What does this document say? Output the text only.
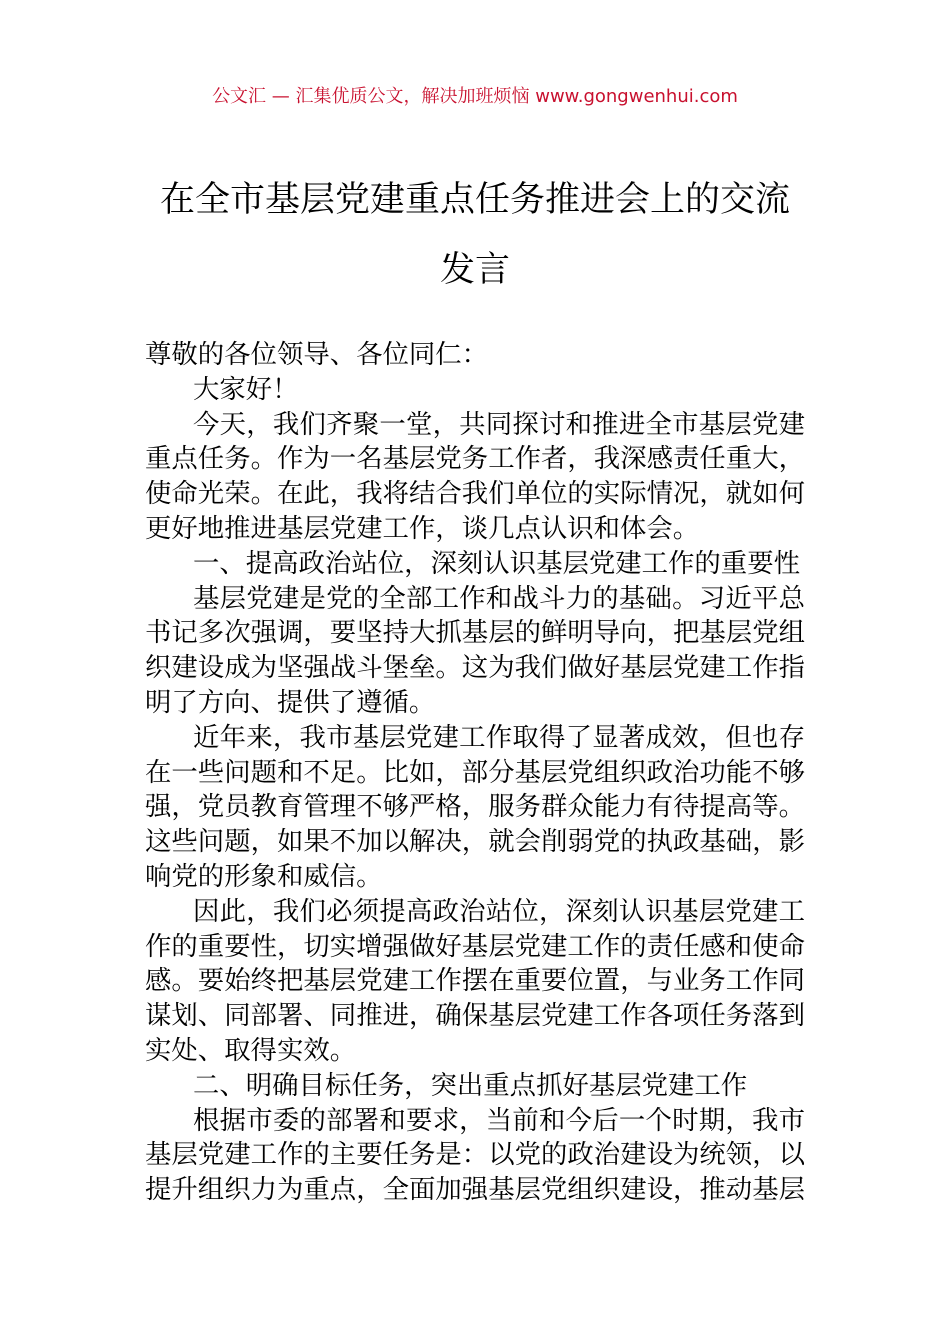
公文汇 — 汇集优质公文，解决加班烦恼 www.gongwenhui.com
在全市基层党建重点任务推进会上的交流
发言
尊敬的各位领导、各位同仁：
大家好！
今天，我们齐聚一堂，共同探讨和推进全市基层党建
重点任务。作为一名基层党务工作者，我深感责任重大，
使命光荣。在此，我将结合我们单位的实际情况，就如何
更好地推进基层党建工作，谈几点认识和体会。
一、提高政治站位，深刻认识基层党建工作的重要性
基层党建是党的全部工作和战斗力的基础。习近平总
书记多次强调，要坚持大抓基层的鲜明导向，把基层党组
织建设成为坚强战斗堡垒。这为我们做好基层党建工作指
明了方向、提供了遵循。
近年来，我市基层党建工作取得了显著成效，但也存
在一些问题和不足。比如，部分基层党组织政治功能不够
强，党员教育管理不够严格，服务群众能力有待提高等。
这些问题，如果不加以解决，就会削弱党的执政基础，影
响党的形象和威信。
因此，我们必须提高政治站位，深刻认识基层党建工
作的重要性，切实增强做好基层党建工作的责任感和使命
感。要始终把基层党建工作摆在重要位置，与业务工作同
谋划、同部署、同推进，确保基层党建工作各项任务落到
实处、取得实效。
二、明确目标任务，突出重点抓好基层党建工作
根据市委的部署和要求，当前和今后一个时期，我市
基层党建工作的主要任务是：以党的政治建设为统领，以
提升组织力为重点，全面加强基层党组织建设，推动基层
